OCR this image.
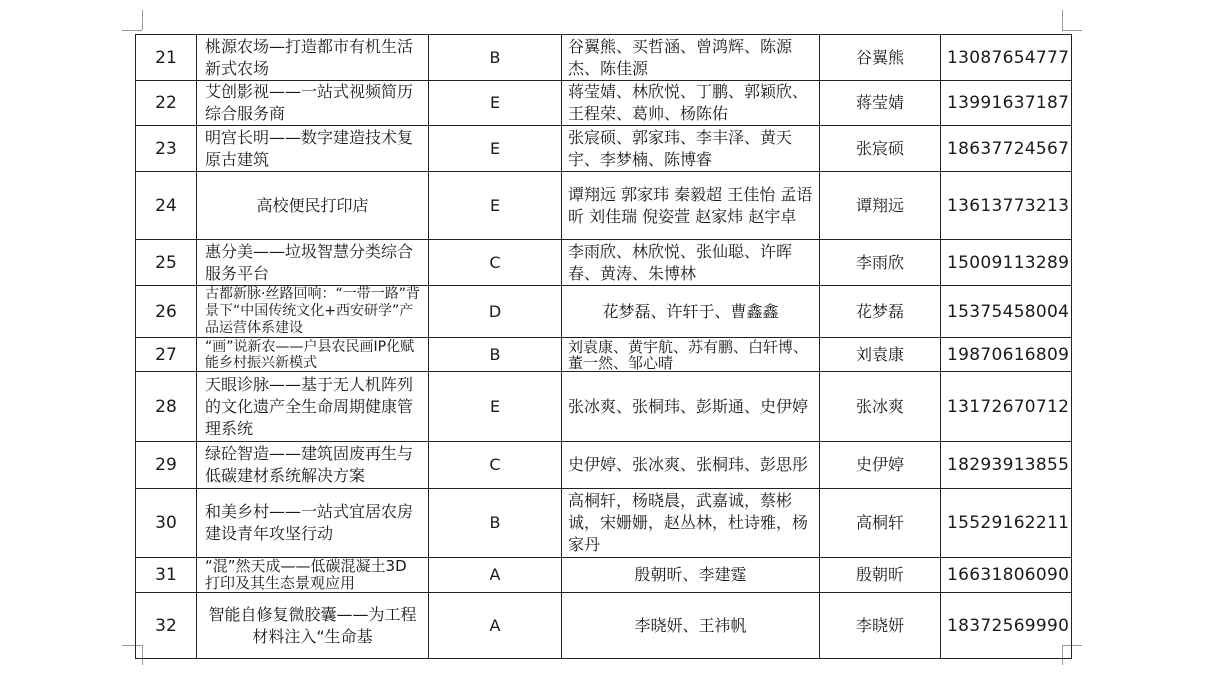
21	桃源农场—打造都市有机生活新式农场	B	谷翼熊、买哲涵、曾鸿辉、陈源杰、陈佳源	谷翼熊	13087654777
22	艾创影视——一站式视频简历综合服务商	E	蒋莹婧、林欣悦、丁鹏、郭颖欣、王程荣、葛帅、杨陈佑	蒋莹婧	13991637187
23	明宫长明——数字建造技术复原古建筑	E	张宸硕、郭家玮、李丰泽、黄天宇、李梦楠、陈博睿	张宸硕	18637724567
24	高校便民打印店	E	谭翔远 郭家玮 秦毅超 王佳怡 孟语昕 刘佳瑞 倪姿萱 赵家炜 赵宇卓	谭翔远	13613773213
25	惠分美——垃圾智慧分类综合服务平台	C	李雨欣、林欣悦、张仙聪、许晖春、黄涛、朱博林	李雨欣	15009113289
26	古都新脉·丝路回响：“一带一路”背景下“中国传统文化+西安研学”产品运营体系建设	D	花梦磊、许轩于、曹鑫鑫	花梦磊	15375458004
27	“画”说新农——户县农民画IP化赋能乡村振兴新模式	B	刘袁康、黄宇航、苏有鹏、白轩博、董一然、邹心晴	刘袁康	19870616809
28	天眼诊脉——基于无人机阵列的文化遗产全生命周期健康管理系统	E	张冰爽、张桐玮、彭斯通、史伊婷	张冰爽	13172670712
29	绿砼智造——建筑固废再生与低碳建材系统解决方案	C	史伊婷、张冰爽、张桐玮、彭思彤	史伊婷	18293913855
30	和美乡村——一站式宜居农房建设青年攻坚行动	B	高桐轩，杨晓晨，武嘉诚，蔡彬诚，宋姗姗，赵丛林，杜诗雅，杨家丹	高桐轩	15529162211
31	“混”然天成——低碳混凝土3D打印及其生态景观应用	A	殷朝昕、李建霆	殷朝昕	16631806090
32	智能自修复微胶囊——为工程材料注入“生命基	A	李晓妍、王祎帆	李晓妍	18372569990
